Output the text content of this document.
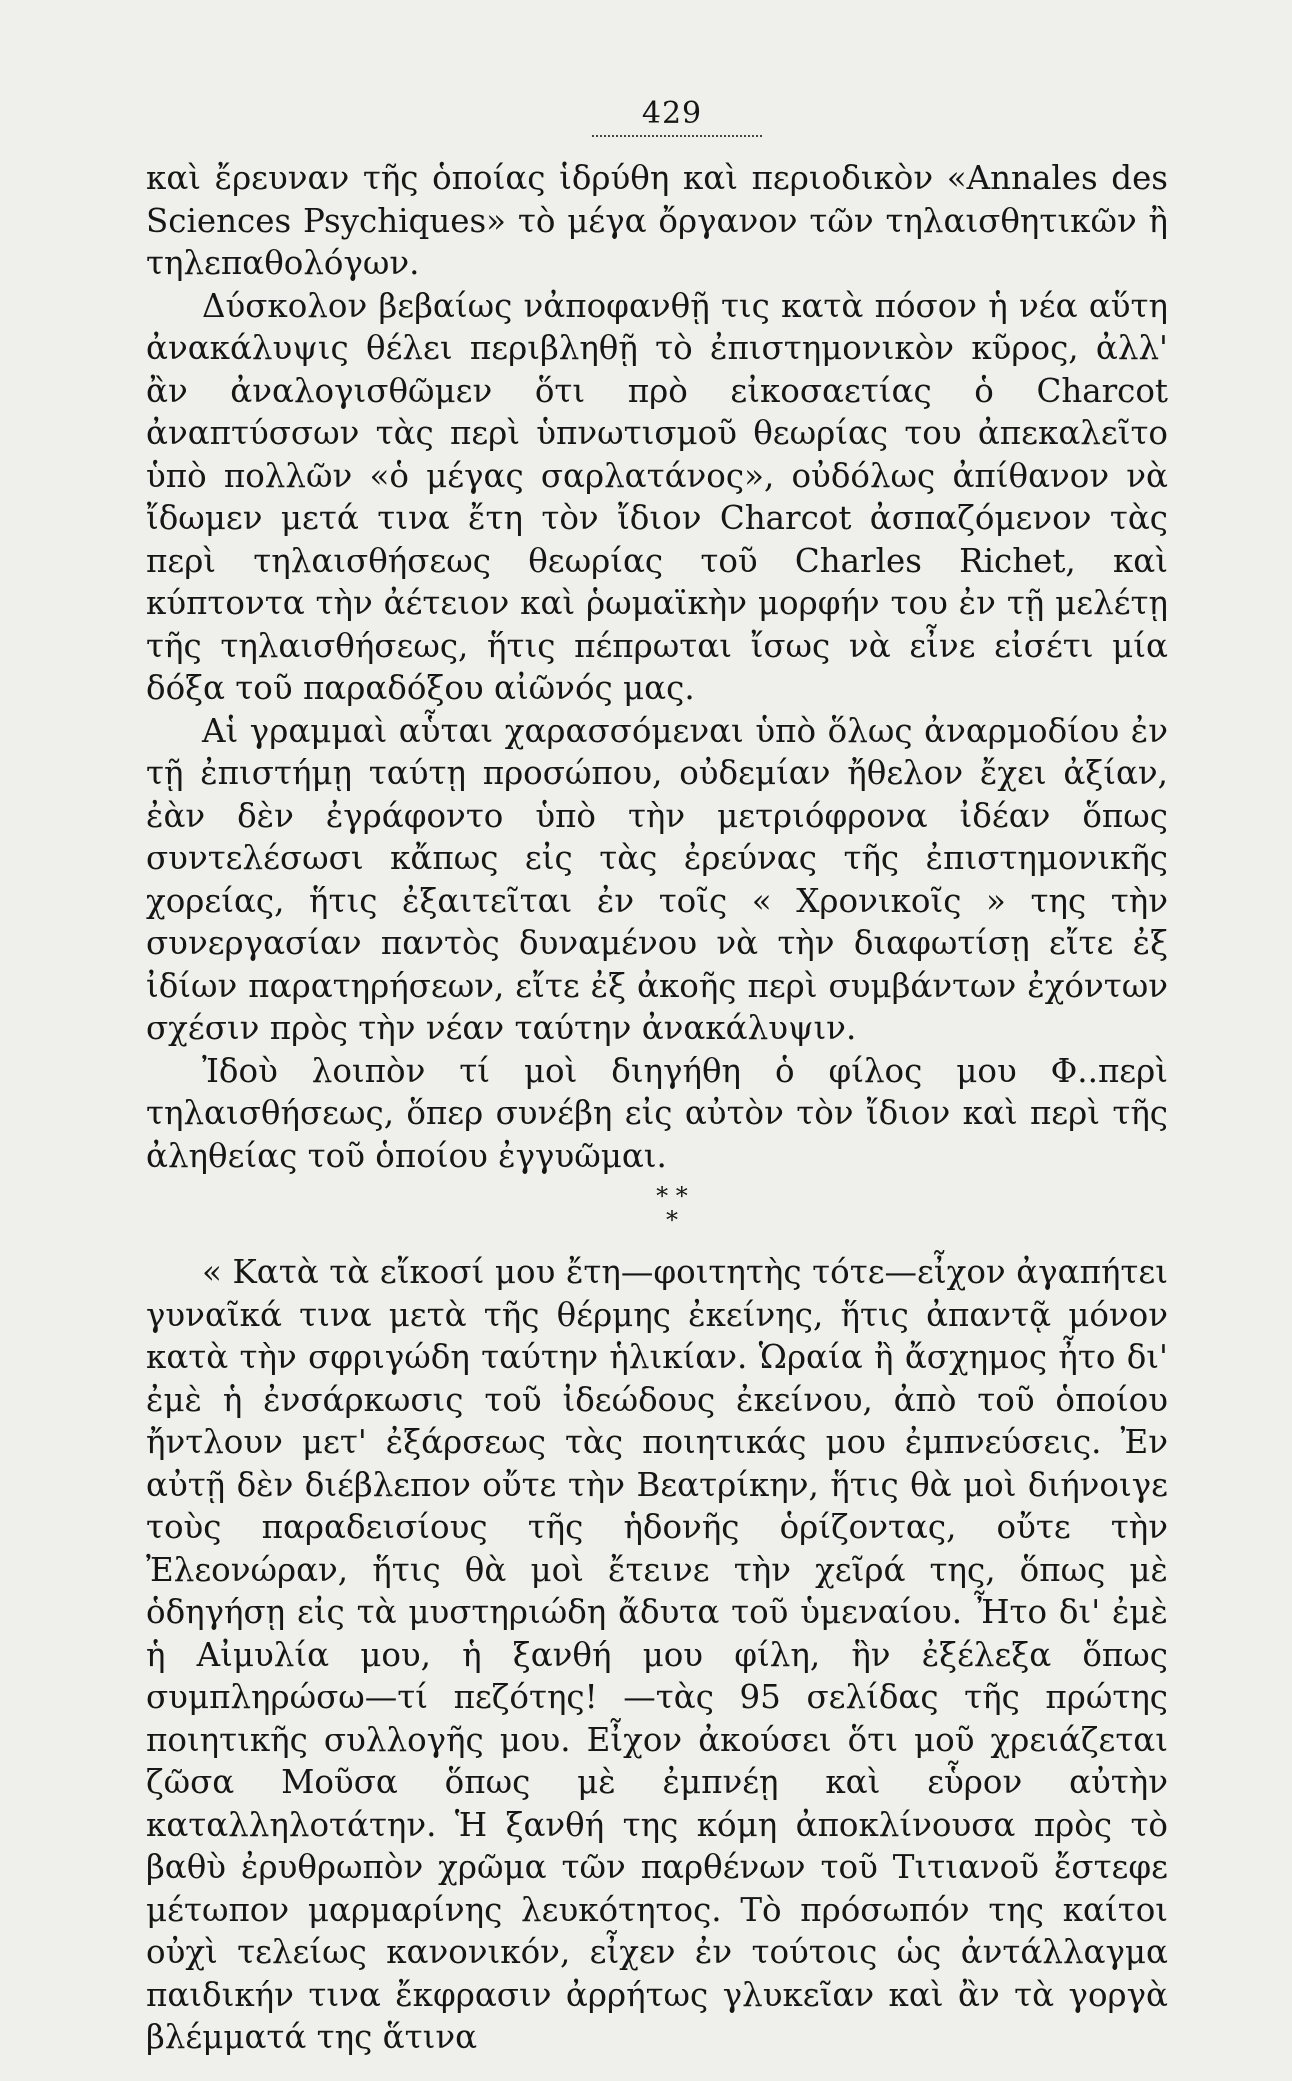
429

καὶ ἔρευναν τῆς ὁποίας ἱδρύθη καὶ περιοδικὸν «Annales des Sciences Psychiques» τὸ μέγα ὄργανον τῶν τηλαισθητικῶν ἢ τηλεπαθολόγων.

Δύσκολον βεβαίως νἀποφανθῇ τις κατὰ πόσον ἡ νέα αὕτη ἀνακάλυψις θέλει περιβληθῇ τὸ ἐπιστημονικὸν κῦρος, ἀλλ' ἂν ἀναλογισθῶμεν ὅτι πρὸ εἰκοσαετίας ὁ Charcot ἀναπτύσσων τὰς περὶ ὑπνωτισμοῦ θεωρίας του ἀπεκαλεῖτο ὑπὸ πολλῶν «ὁ μέγας σαρλατάνος», οὐδόλως ἀπίθανον νὰ ἴδωμεν μετά τινα ἔτη τὸν ἴδιον Charcot ἀσπαζόμενον τὰς περὶ τηλαισθήσεως θεωρίας τοῦ Charles Richet, καὶ κύπτοντα τὴν ἀέτειον καὶ ῥωμαϊκὴν μορφήν του ἐν τῇ μελέτῃ τῆς τηλαισθήσεως, ἥτις πέπρωται ἴσως νὰ εἶνε εἰσέτι μία δόξα τοῦ παραδόξου αἰῶνός μας.

Αἱ γραμμαὶ αὗται χαρασσόμεναι ὑπὸ ὅλως ἀναρμοδίου ἐν τῇ ἐπιστήμῃ ταύτῃ προσώπου, οὐδεμίαν ἤθελον ἔχει ἀξίαν, ἐὰν δὲν ἐγράφοντο ὑπὸ τὴν μετριόφρονα ἰδέαν ὅπως συντελέσωσι κἄπως εἰς τὰς ἐρεύνας τῆς ἐπιστημονικῆς χορείας, ἥτις ἐξαιτεῖται ἐν τοῖς « Χρονικοῖς » της τὴν συνεργασίαν παντὸς δυναμένου νὰ τὴν διαφωτίσῃ εἴτε ἐξ ἰδίων παρατηρήσεων, εἴτε ἐξ ἀκοῆς περὶ συμβάντων ἐχόντων σχέσιν πρὸς τὴν νέαν ταύτην ἀνακάλυψιν.

Ἰδοὺ λοιπὸν τί μοὶ διηγήθη ὁ φίλος μου Φ..περὶ τηλαισθήσεως, ὅπερ συνέβη εἰς αὐτὸν τὸν ἴδιον καὶ περὶ τῆς ἀληθείας τοῦ ὁποίου ἐγγυῶμαι.

* *
*

« Κατὰ τὰ εἴκοσί μου ἔτη—φοιτητὴς τότε—εἶχον ἀγαπήτει γυναῖκά τινα μετὰ τῆς θέρμης ἐκείνης, ἥτις ἀπαντᾷ μόνον κατὰ τὴν σφριγώδη ταύτην ἡλικίαν. Ὡραία ἢ ἄσχημος ἦτο δι' ἐμὲ ἡ ἐνσάρκωσις τοῦ ἰδεώδους ἐκείνου, ἀπὸ τοῦ ὁποίου ἤντλουν μετ' ἐξάρσεως τὰς ποιητικάς μου ἐμπνεύσεις. Ἐν αὐτῇ δὲν διέβλεπον οὔτε τὴν Βεατρίκην, ἥτις θὰ μοὶ διήνοιγε τοὺς παραδεισίους τῆς ἡδονῆς ὁρίζοντας, οὔτε τὴν Ἐλεονώραν, ἥτις θὰ μοὶ ἔτεινε τὴν χεῖρά της, ὅπως μὲ ὁδηγήσῃ εἰς τὰ μυστηριώδη ἄδυτα τοῦ ὑμεναίου. Ἦτο δι' ἐμὲ ἡ Αἰμυλία μου, ἡ ξανθή μου φίλη, ἣν ἐξέλεξα ὅπως συμπληρώσω—τί πεζότης! —τὰς 95 σελίδας τῆς πρώτης ποιητικῆς συλλογῆς μου. Εἶχον ἀκούσει ὅτι μοῦ χρειάζεται ζῶσα Μοῦσα ὅπως μὲ ἐμπνέῃ καὶ εὗρον αὐτὴν καταλληλοτάτην. Ἡ ξανθή της κόμη ἀποκλίνουσα πρὸς τὸ βαθὺ ἐρυθρωπὸν χρῶμα τῶν παρθένων τοῦ Τιτιανοῦ ἔστεφε μέτωπον μαρμαρίνης λευκότητος. Τὸ πρόσωπόν της καίτοι οὐχὶ τελείως κανονικόν, εἶχεν ἐν τούτοις ὡς ἀντάλλαγμα παιδικήν τινα ἔκφρασιν ἀρρήτως γλυκεῖαν καὶ ἂν τὰ γοργὰ βλέμματά της ἅτινα
